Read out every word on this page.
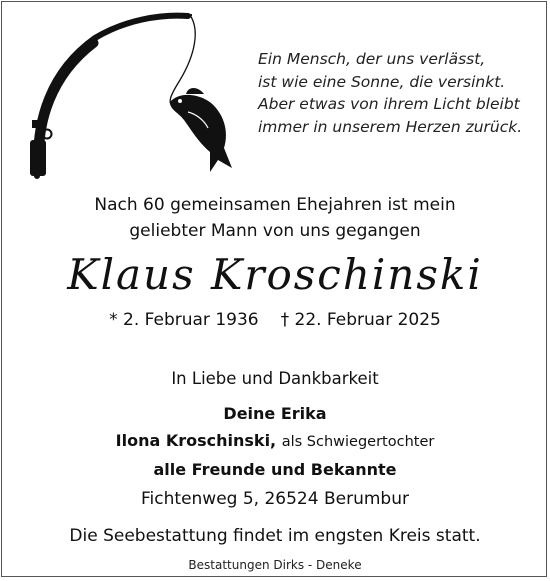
Ein Mensch, der uns verlässt,
ist wie eine Sonne, die versinkt.
Aber etwas von ihrem Licht bleibt
immer in unserem Herzen zurück.
Nach 60 gemeinsamen Ehejahren ist mein
geliebter Mann von uns gegangen
Klaus Kroschinski
* 2. Februar 1936 † 22. Februar 2025
In Liebe und Dankbarkeit
Deine Erika
Ilona Kroschinski, als Schwiegertochter
alle Freunde und Bekannte
Fichtenweg 5, 26524 Berumbur
Die Seebestattung findet im engsten Kreis statt.
Bestattungen Dirks - Deneke
